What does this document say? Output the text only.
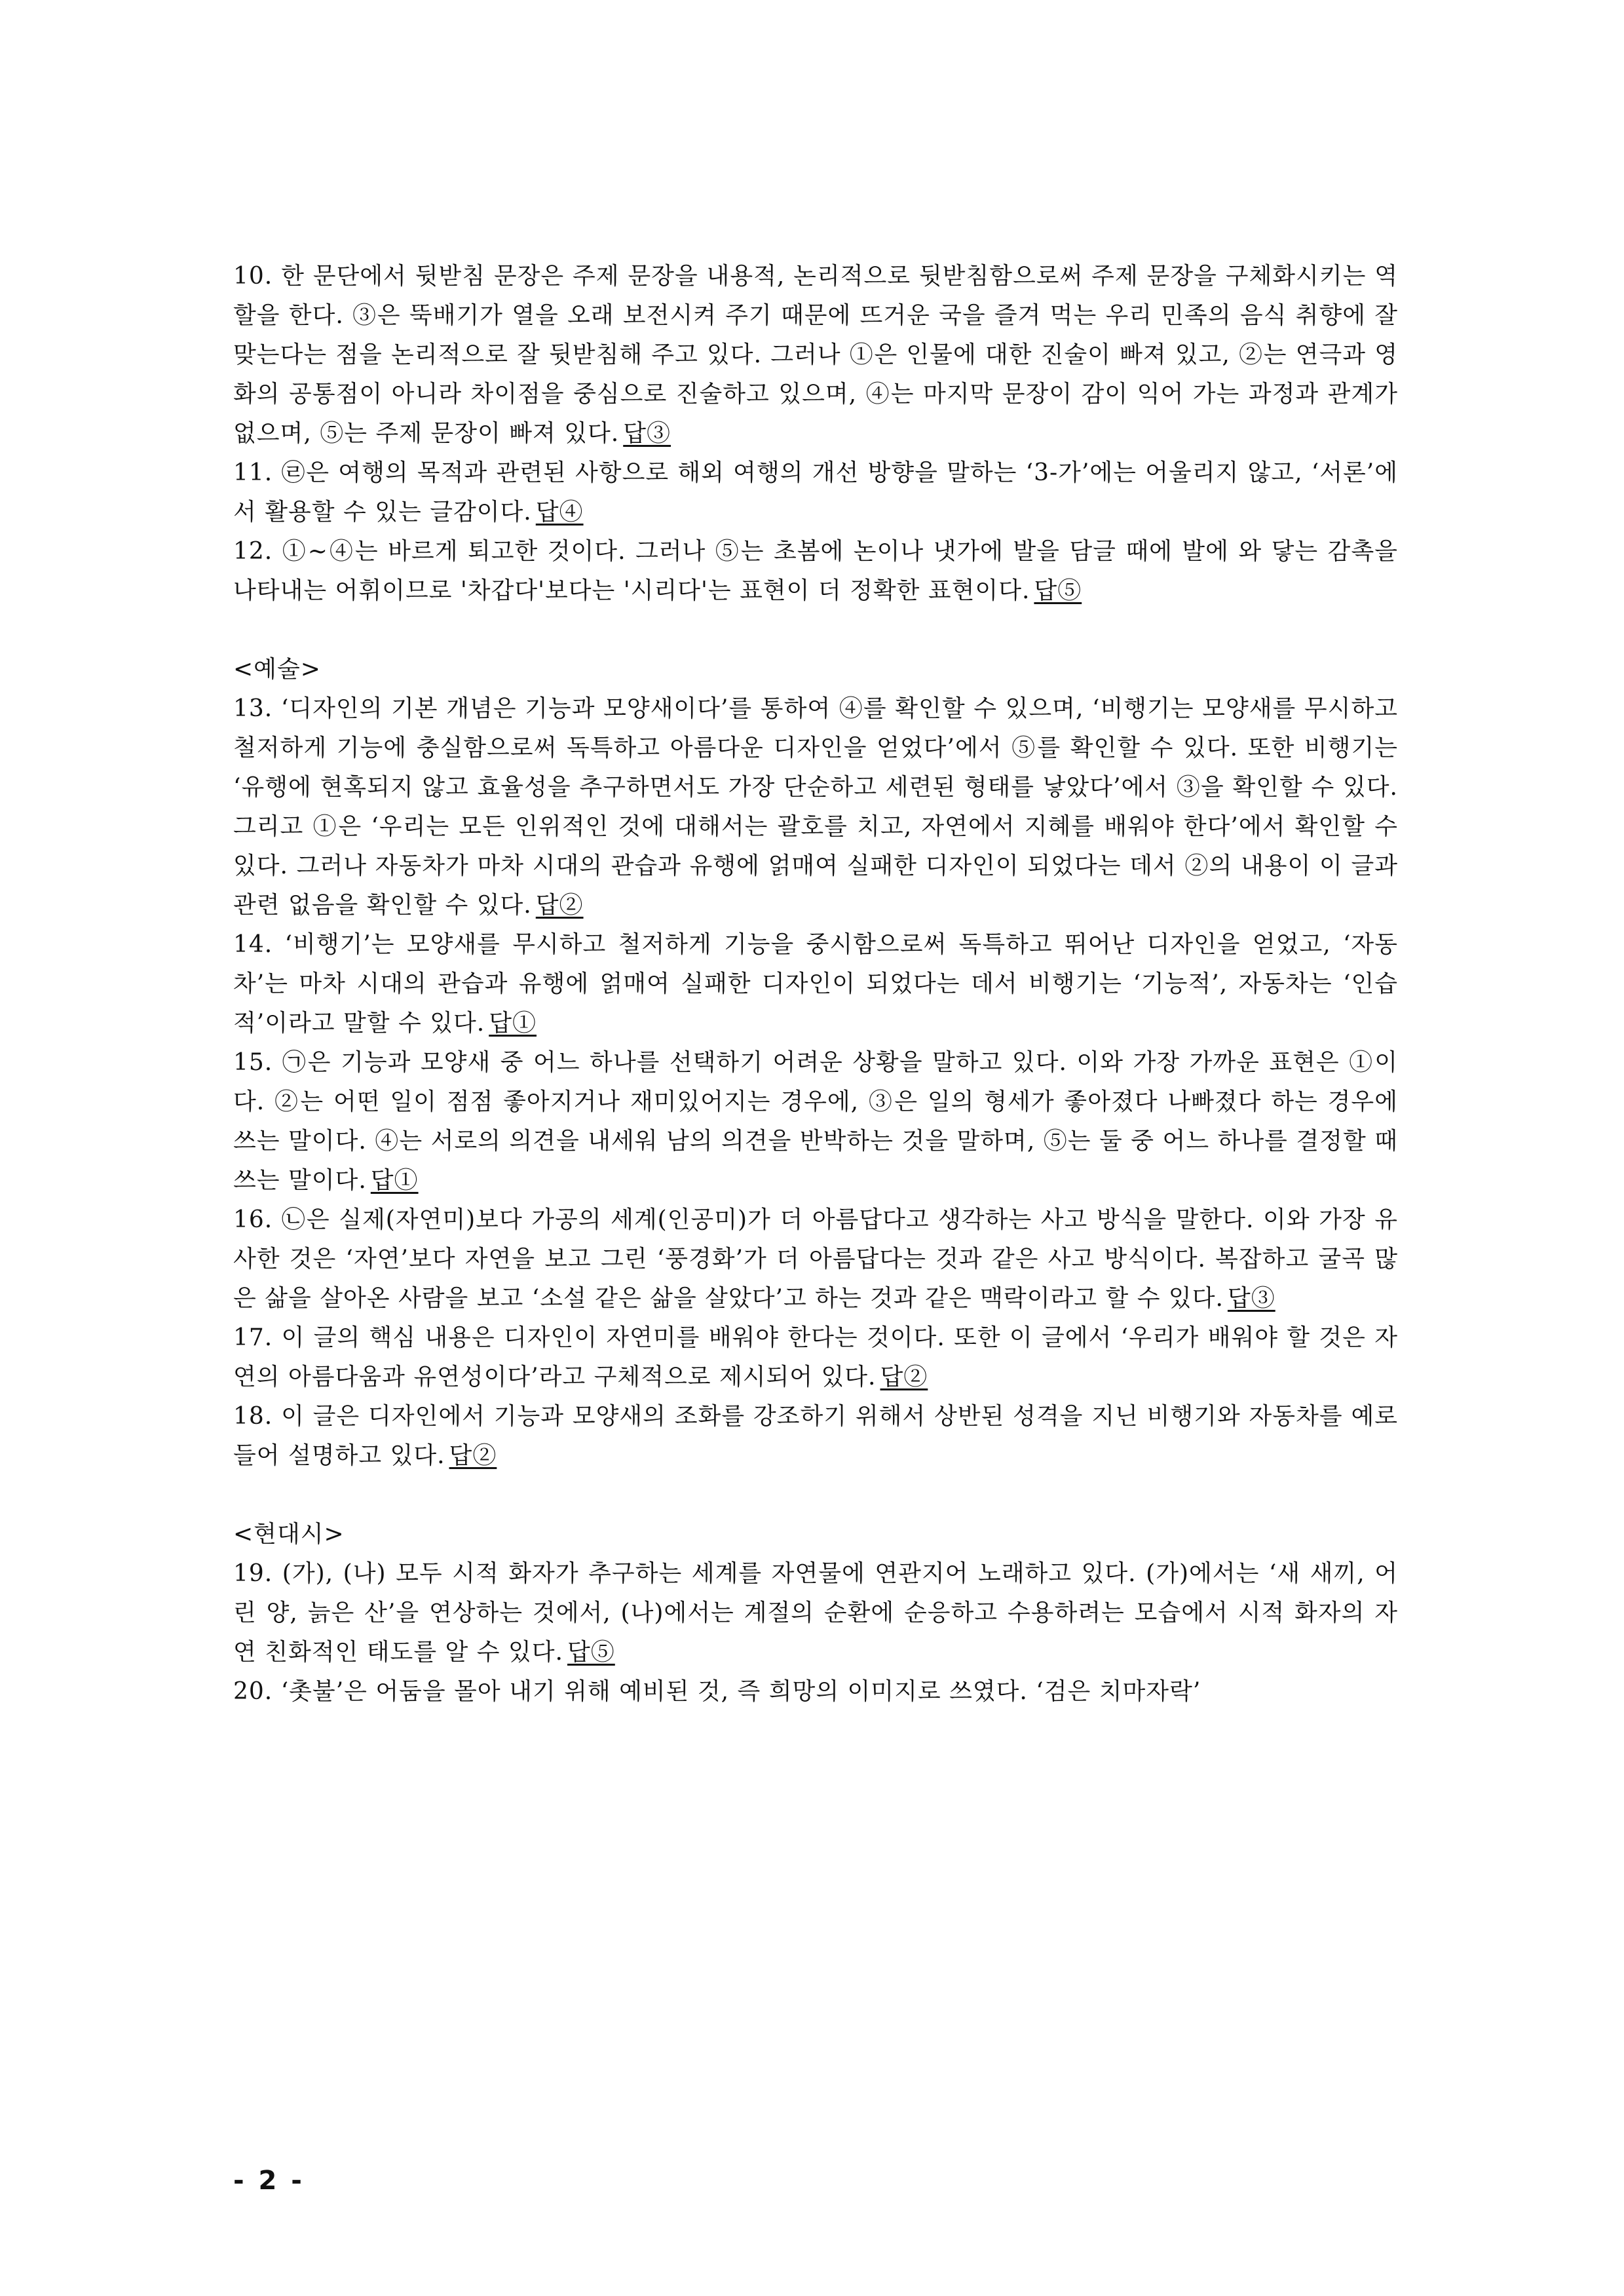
10. 한 문단에서 뒷받침 문장은 주제 문장을 내용적, 논리적으로 뒷받침함으로써 주제 문장을 구체화시키는 역할을 한다. ③은 뚝배기가 열을 오래 보전시켜 주기 때문에 뜨거운 국을 즐겨 먹는 우리 민족의 음식 취향에 잘 맞는다는 점을 논리적으로 잘 뒷받침해 주고 있다. 그러나 ①은 인물에 대한 진술이 빠져 있고, ②는 연극과 영화의 공통점이 아니라 차이점을 중심으로 진술하고 있으며, ④는 마지막 문장이 감이 익어 가는 과정과 관계가 없으며, ⑤는 주제 문장이 빠져 있다. 답③

11. ㉣은 여행의 목적과 관련된 사항으로 해외 여행의 개선 방향을 말하는 ‘3-가’에는 어울리지 않고, ‘서론’에서 활용할 수 있는 글감이다. 답④

12. ①~④는 바르게 퇴고한 것이다. 그러나 ⑤는 초봄에 논이나 냇가에 발을 담글 때에 발에 와 닿는 감촉을 나타내는 어휘이므로 '차갑다'보다는 '시리다'는 표현이 더 정확한 표현이다. 답⑤

<예술>

13. ‘디자인의 기본 개념은 기능과 모양새이다’를 통하여 ④를 확인할 수 있으며, ‘비행기는 모양새를 무시하고 철저하게 기능에 충실함으로써 독특하고 아름다운 디자인을 얻었다’에서 ⑤를 확인할 수 있다. 또한 비행기는 ‘유행에 현혹되지 않고 효율성을 추구하면서도 가장 단순하고 세련된 형태를 낳았다’에서 ③을 확인할 수 있다. 그리고 ①은 ‘우리는 모든 인위적인 것에 대해서는 괄호를 치고, 자연에서 지혜를 배워야 한다’에서 확인할 수 있다. 그러나 자동차가 마차 시대의 관습과 유행에 얽매여 실패한 디자인이 되었다는 데서 ②의 내용이 이 글과 관련 없음을 확인할 수 있다. 답②

14. ‘비행기’는 모양새를 무시하고 철저하게 기능을 중시함으로써 독특하고 뛰어난 디자인을 얻었고, ‘자동차’는 마차 시대의 관습과 유행에 얽매여 실패한 디자인이 되었다는 데서 비행기는 ‘기능적’, 자동차는 ‘인습적’이라고 말할 수 있다. 답①

15. ㉠은 기능과 모양새 중 어느 하나를 선택하기 어려운 상황을 말하고 있다. 이와 가장 가까운 표현은 ①이다. ②는 어떤 일이 점점 좋아지거나 재미있어지는 경우에, ③은 일의 형세가 좋아졌다 나빠졌다 하는 경우에 쓰는 말이다. ④는 서로의 의견을 내세워 남의 의견을 반박하는 것을 말하며, ⑤는 둘 중 어느 하나를 결정할 때 쓰는 말이다. 답①

16. ㉡은 실제(자연미)보다 가공의 세계(인공미)가 더 아름답다고 생각하는 사고 방식을 말한다. 이와 가장 유사한 것은 ‘자연’보다 자연을 보고 그린 ‘풍경화’가 더 아름답다는 것과 같은 사고 방식이다. 복잡하고 굴곡 많은 삶을 살아온 사람을 보고 ‘소설 같은 삶을 살았다’고 하는 것과 같은 맥락이라고 할 수 있다. 답③

17. 이 글의 핵심 내용은 디자인이 자연미를 배워야 한다는 것이다. 또한 이 글에서 ‘우리가 배워야 할 것은 자연의 아름다움과 유연성이다’라고 구체적으로 제시되어 있다. 답②

18. 이 글은 디자인에서 기능과 모양새의 조화를 강조하기 위해서 상반된 성격을 지닌 비행기와 자동차를 예로 들어 설명하고 있다. 답②

<현대시>

19. (가), (나) 모두 시적 화자가 추구하는 세계를 자연물에 연관지어 노래하고 있다. (가)에서는 ‘새 새끼, 어린 양, 늙은 산’을 연상하는 것에서, (나)에서는 계절의 순환에 순응하고 수용하려는 모습에서 시적 화자의 자연 친화적인 태도를 알 수 있다. 답⑤

20. ‘촛불’은 어둠을 몰아 내기 위해 예비된 것, 즉 희망의 이미지로 쓰였다. ‘검은 치마자락’

- 2 -
